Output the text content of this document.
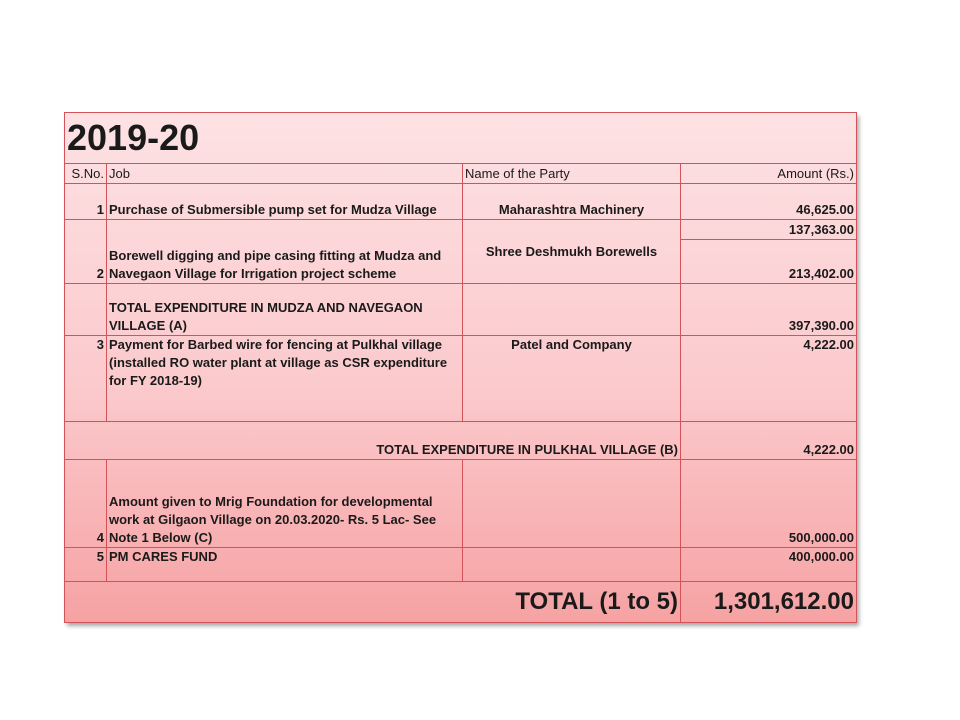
2019-20			
S.No.	Job	Name of the Party	Amount (Rs.)
1	Purchase of Submersible pump set for Mudza Village	Maharashtra Machinery	46,625.00
2	Borewell digging and pipe casing fitting at Mudza and Navegaon Village for Irrigation project scheme	Shree Deshmukh Borewells	137,363.00
			213,402.00
	TOTAL EXPENDITURE IN MUDZA AND NAVEGAON VILLAGE (A)		397,390.00
3	Payment for Barbed wire for fencing at Pulkhal village (installed RO water plant at village as CSR expenditure for FY 2018-19)	Patel and Company	4,222.00
TOTAL EXPENDITURE IN PULKHAL VILLAGE (B)			4,222.00
4	Amount given to Mrig Foundation for developmental work at Gilgaon Village on 20.03.2020- Rs. 5 Lac- See Note 1 Below (C)		500,000.00
5	PM CARES FUND		400,000.00
TOTAL (1 to 5)			1,301,612.00
